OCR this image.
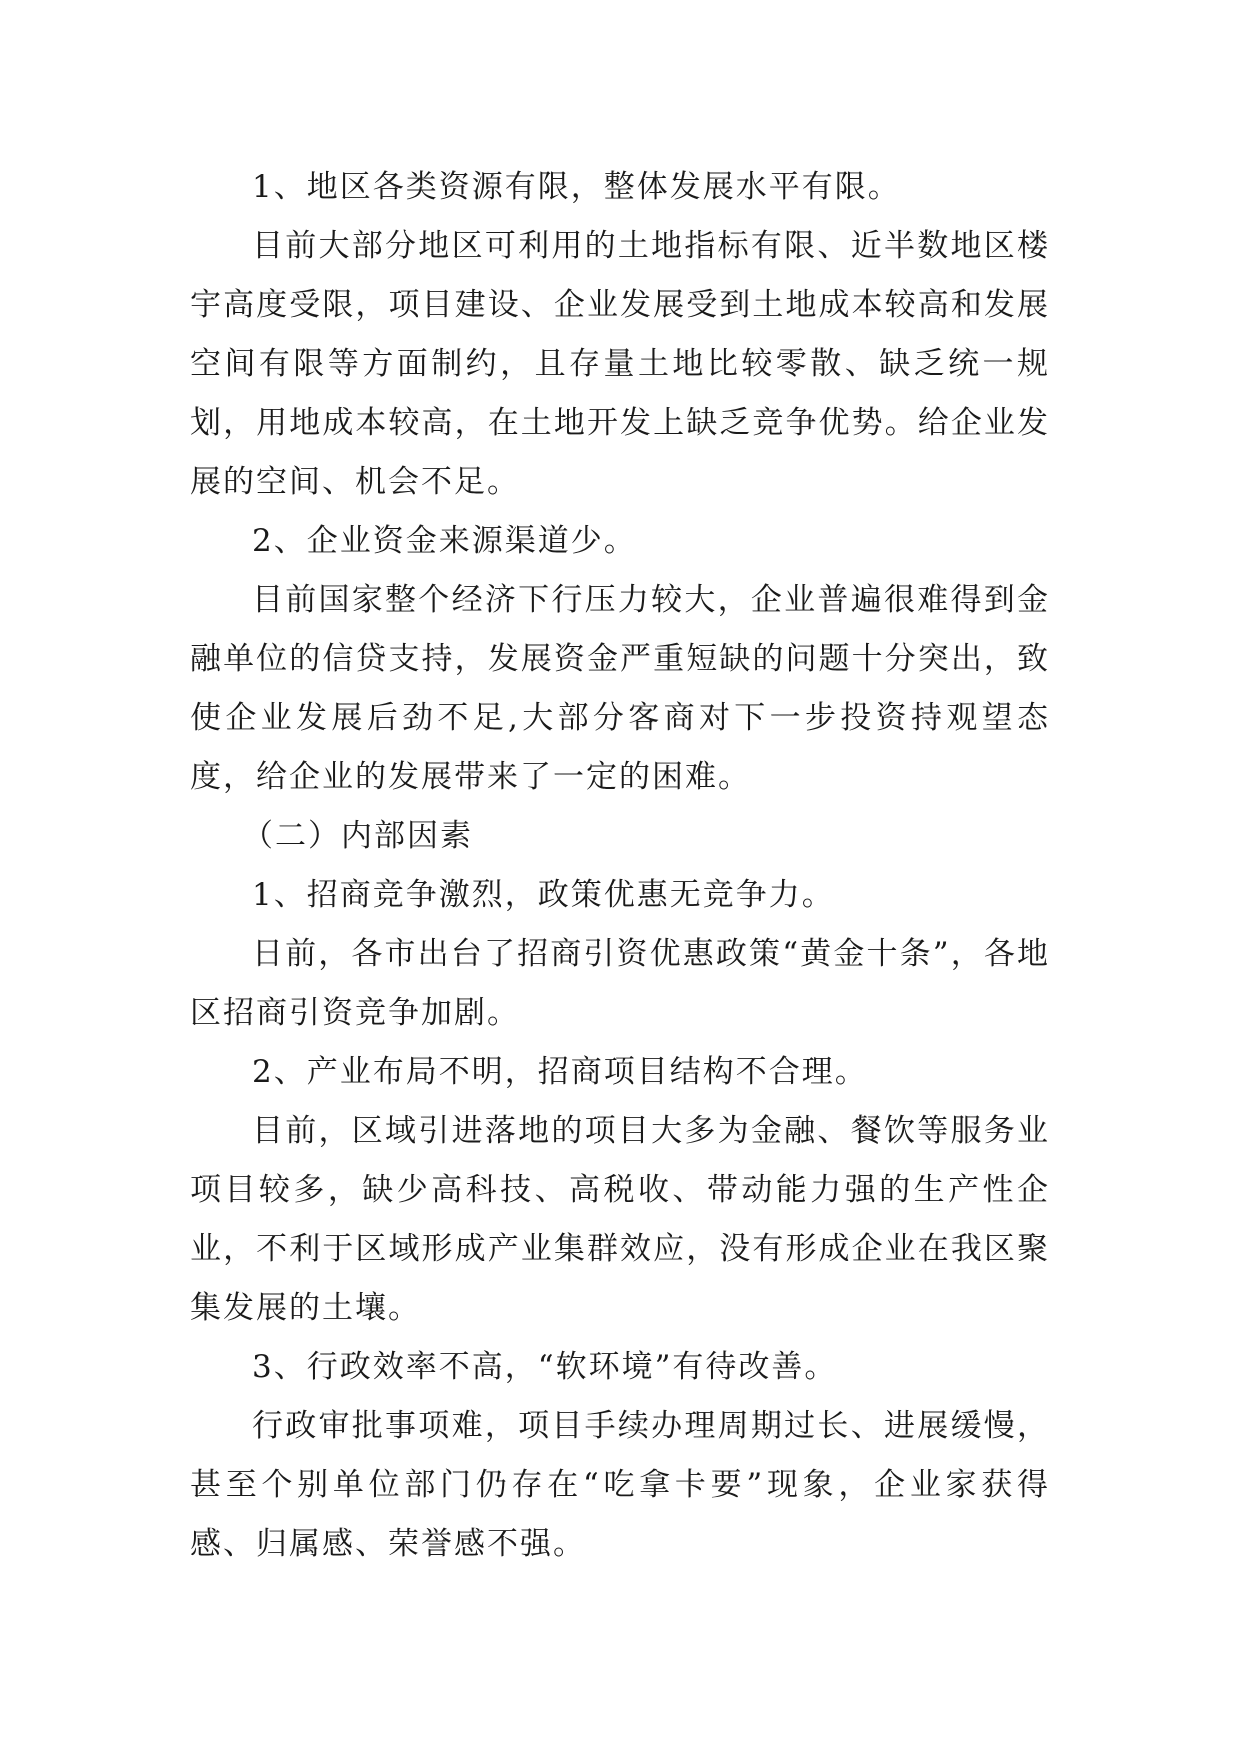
1、地区各类资源有限，整体发展水平有限。

目前大部分地区可利用的土地指标有限、近半数地区楼宇高度受限，项目建设、企业发展受到土地成本较高和发展空间有限等方面制约，且存量土地比较零散、缺乏统一规划，用地成本较高，在土地开发上缺乏竞争优势。给企业发展的空间、机会不足。

2、企业资金来源渠道少。

目前国家整个经济下行压力较大，企业普遍很难得到金融单位的信贷支持，发展资金严重短缺的问题十分突出，致使企业发展后劲不足,大部分客商对下一步投资持观望态度，给企业的发展带来了一定的困难。

（二）内部因素

1、招商竞争激烈，政策优惠无竞争力。

日前，各市出台了招商引资优惠政策“黄金十条”，各地区招商引资竞争加剧。

2、产业布局不明，招商项目结构不合理。

目前，区域引进落地的项目大多为金融、餐饮等服务业项目较多，缺少高科技、高税收、带动能力强的生产性企业，不利于区域形成产业集群效应，没有形成企业在我区聚集发展的土壤。

3、行政效率不高，“软环境”有待改善。

行政审批事项难，项目手续办理周期过长、进展缓慢，甚至个别单位部门仍存在“吃拿卡要”现象，企业家获得感、归属感、荣誉感不强。
